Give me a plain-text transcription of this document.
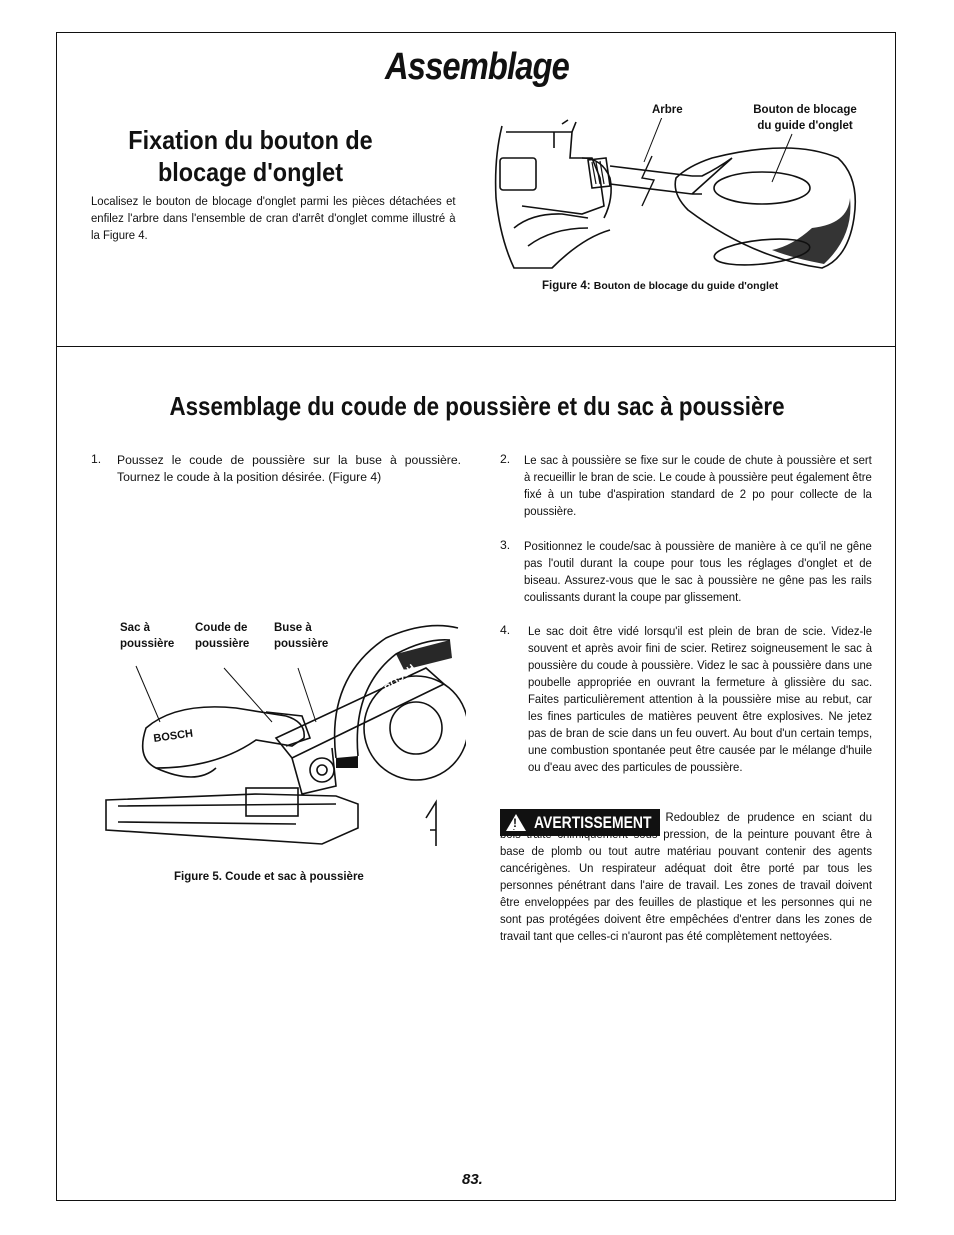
Assemblage
Fixation du bouton de blocage d'onglet
Localisez le bouton de blocage d'onglet parmi les pièces détachées et enfilez l'arbre dans l'ensemble de cran d'arrêt d'onglet comme illustré à la Figure 4.
Arbre	Bouton de blocage
du guide d'onglet
Figure 4: Bouton de blocage du guide d'onglet
Assemblage du coude de poussière et du sac à poussière
1. Poussez le coude de poussière sur la buse à poussière. Tournez le coude à la position désirée. (Figure 4)
BOSCH
BOSCH
Sac à
poussière
Coude de
poussière
Buse à
poussière
Figure 5. Coude et sac à poussière
2. Le sac à poussière se fixe sur le coude de chute à poussière et sert à recueillir le bran de scie. Le coude à poussière peut également être fixé à un tube d'aspiration standard de 2 po pour collecte de la poussière.
3. Positionnez le coude/sac à poussière de manière à ce qu'il ne gêne pas l'outil durant la coupe pour tous les réglages d'onglet et de biseau. Assurez-vous que le sac à poussière ne gêne pas les rails coulissants durant la coupe par glissement.
4. Le sac doit être vidé lorsqu'il est plein de bran de scie. Videz-le souvent et après avoir fini de scier. Retirez soigneusement le sac à poussière du coude à poussière. Videz le sac à poussière dans une poubelle appropriée en ouvrant la fermeture à glissière du sac. Faites particulièrement attention à la poussière mise au rebut, car les fines particules de matières peuvent être explosives. Ne jetez pas de bran de scie dans un feu ouvert. Au bout d'un certain temps, une combustion spontanée peut être causée par le mélange d'huile ou d'eau avec des particules de poussière.
!
AVERTISSEMENT	Redoublez de prudence en sciant du bois traité chimiquement sous pression, de la peinture pouvant être à base de plomb ou tout autre matériau pouvant contenir des agents cancérigènes. Un respirateur adéquat doit être porté par tous les personnes pénétrant dans l'aire de travail. Les zones de travail doivent être enveloppées par des feuilles de plastique et les personnes qui ne sont pas protégées doivent être empêchées d'entrer dans les zones de travail tant que celles-ci n'auront pas été complètement nettoyées.
83.
